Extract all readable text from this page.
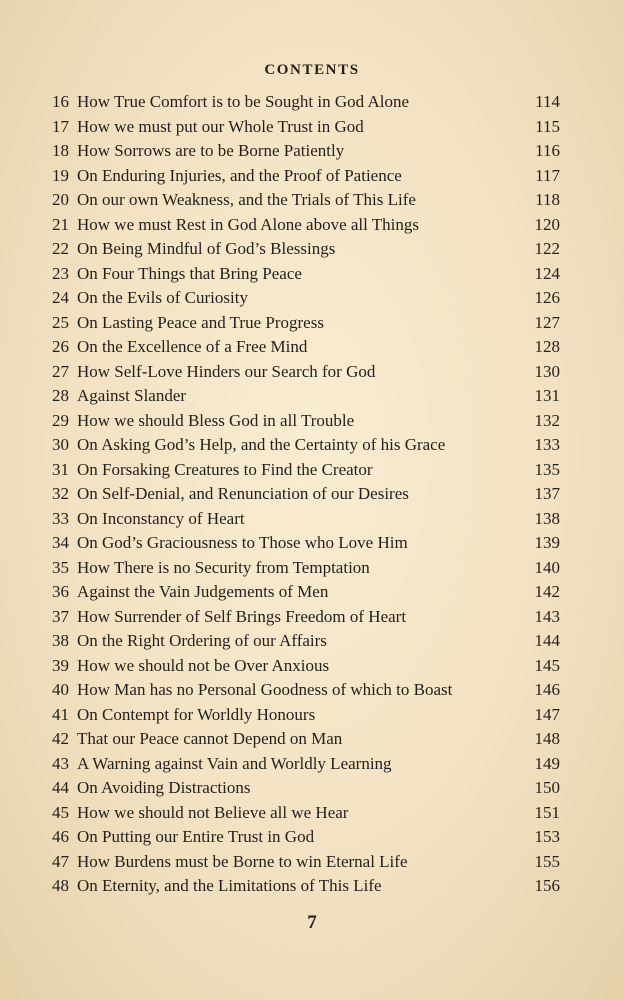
CONTENTS
16 How True Comfort is to be Sought in God Alone	114
17 How we must put our Whole Trust in God	115
18 How Sorrows are to be Borne Patiently	116
19 On Enduring Injuries, and the Proof of Patience	117
20 On our own Weakness, and the Trials of This Life	118
21 How we must Rest in God Alone above all Things	120
22 On Being Mindful of God’s Blessings	122
23 On Four Things that Bring Peace	124
24 On the Evils of Curiosity	126
25 On Lasting Peace and True Progress	127
26 On the Excellence of a Free Mind	128
27 How Self-Love Hinders our Search for God	130
28 Against Slander	131
29 How we should Bless God in all Trouble	132
30 On Asking God’s Help, and the Certainty of his Grace	133
31 On Forsaking Creatures to Find the Creator	135
32 On Self-Denial, and Renunciation of our Desires	137
33 On Inconstancy of Heart	138
34 On God’s Graciousness to Those who Love Him	139
35 How There is no Security from Temptation	140
36 Against the Vain Judgements of Men	142
37 How Surrender of Self Brings Freedom of Heart	143
38 On the Right Ordering of our Affairs	144
39 How we should not be Over Anxious	145
40 How Man has no Personal Goodness of which to Boast	146
41 On Contempt for Worldly Honours	147
42 That our Peace cannot Depend on Man	148
43 A Warning against Vain and Worldly Learning	149
44 On Avoiding Distractions	150
45 How we should not Believe all we Hear	151
46 On Putting our Entire Trust in God	153
47 How Burdens must be Borne to win Eternal Life	155
48 On Eternity, and the Limitations of This Life	156
7
